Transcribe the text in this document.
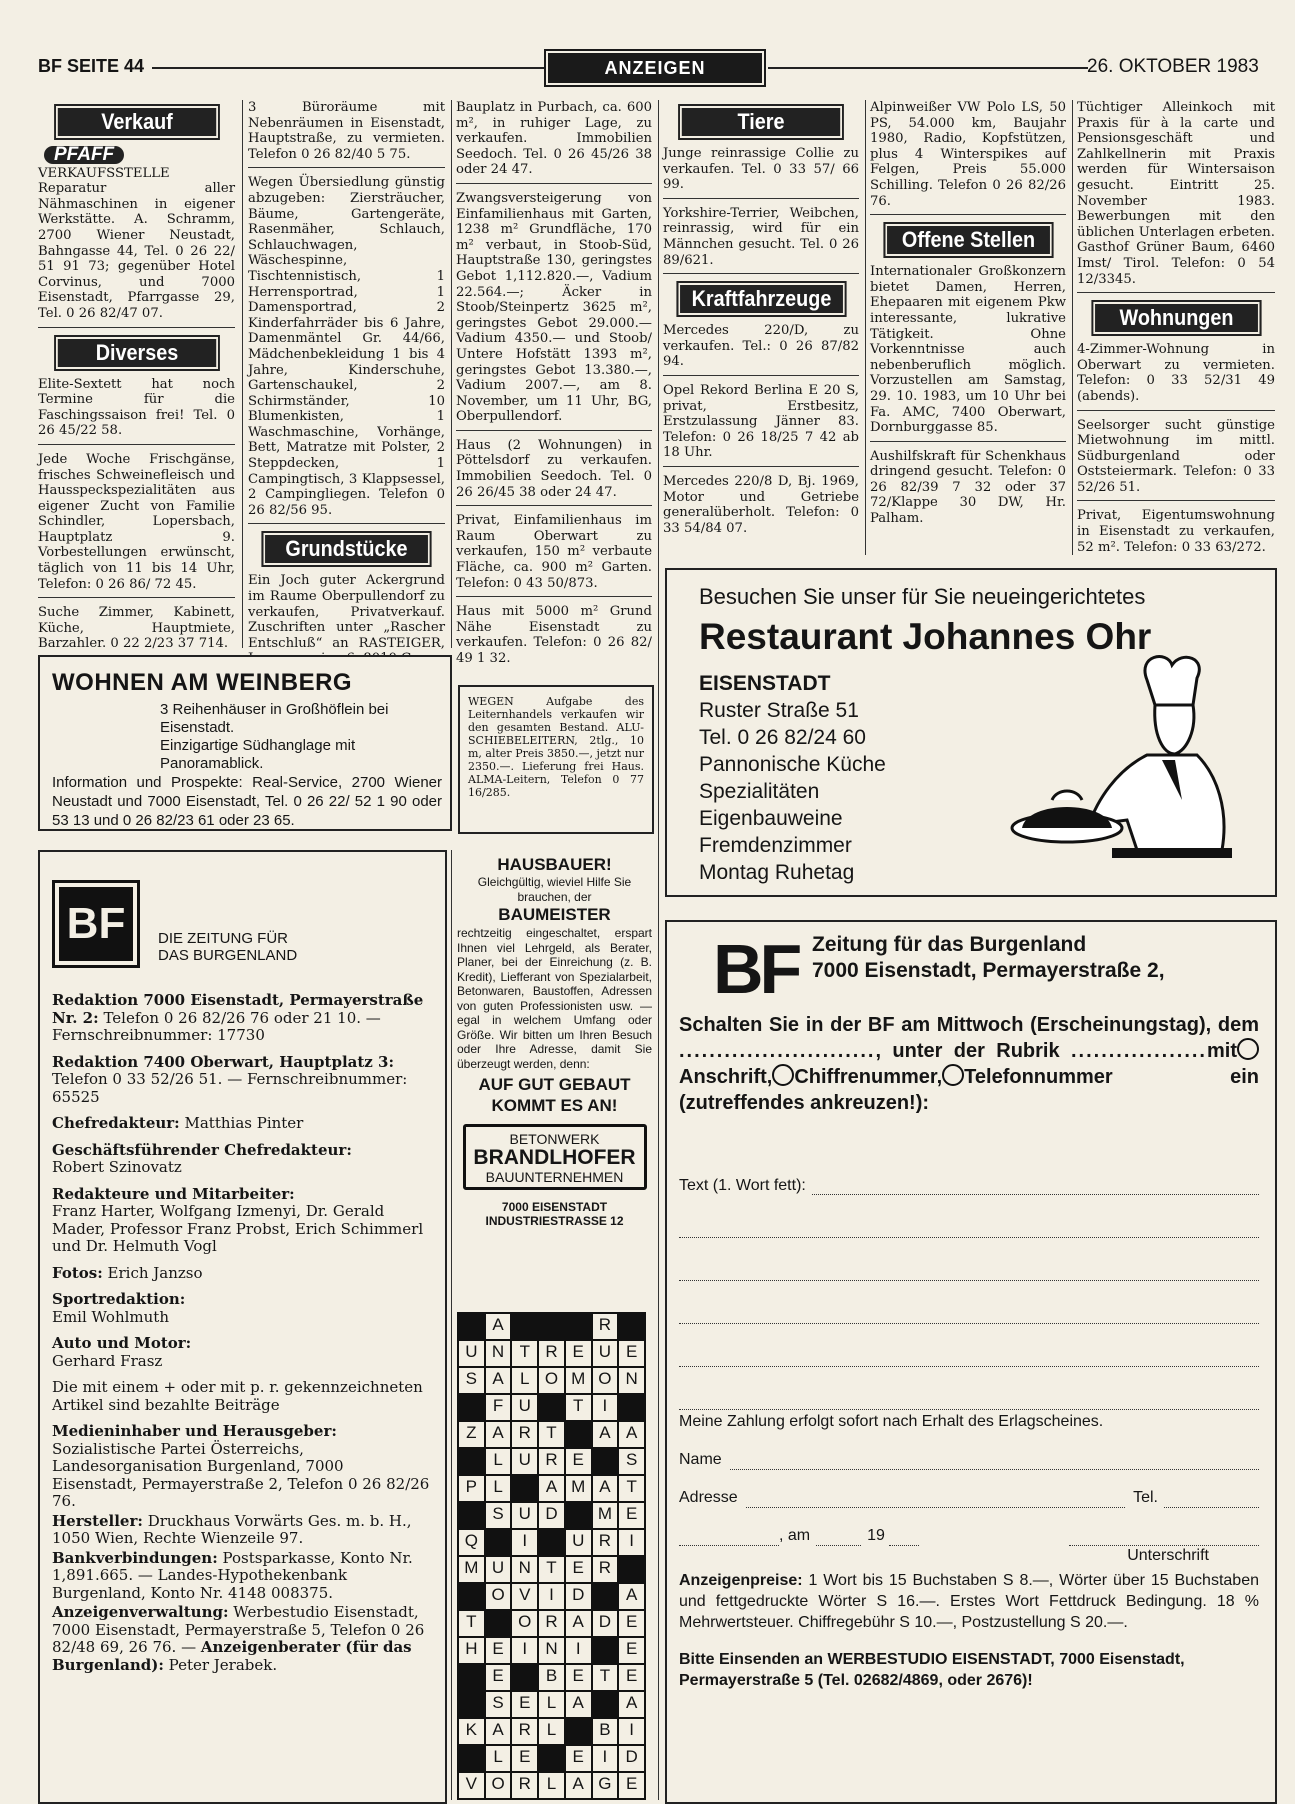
BF SEITE 44	ANZEIGEN	26. OKTOBER 1983
Verkauf
PFAFF

VERKAUFSSTELLE Reparatur aller Nähmaschinen in eigener Werkstätte. A. Schramm, 2700 Wiener Neustadt, Bahngasse 44, Tel. 0 26 22/ 51 91 73; gegenüber Hotel Corvinus, und 7000 Eisenstadt, Pfarrgasse 29, Tel. 0 26 82/47 07.

Diverses

Elite-Sextett hat noch Termine für die Faschingssaison frei! Tel. 0 26 45/22 58.

Jede Woche Frischgänse, frisches Schweinefleisch und Hausspeckspezialitäten aus eigener Zucht von Familie Schindler, Lopersbach, Hauptplatz 9. Vorbestellungen erwünscht, täglich von 11 bis 14 Uhr, Telefon: 0 26 86/ 72 45.

Suche Zimmer, Kabinett, Küche, Hauptmiete, Barzahler. 0 22 2/23 37 714.

3 Büroräume mit Nebenräumen in Eisenstadt, Hauptstraße, zu vermieten. Telefon 0 26 82/40 5 75.

Wegen Übersiedlung günstig abzugeben: Ziersträucher, Bäume, Gartengeräte, Rasenmäher, Schlauch, Schlauchwagen, Wäschespinne, Tischtennistisch, 1 Herrensportrad, 1 Damensportrad, 2 Kinderfahrräder bis 6 Jahre, Damenmäntel Gr. 44/66, Mädchenbekleidung 1 bis 4 Jahre, Kinderschuhe, Gartenschaukel, 2 Schirmständer, 10 Blumenkisten, 1 Waschmaschine, Vorhänge, Bett, Matratze mit Polster, 2 Steppdecken, 1 Campingtisch, 3 Klappsessel, 2 Campingliegen. Telefon 0 26 82/56 95.

Grundstücke

Ein Joch guter Ackergrund im Raume Oberpullendorf zu verkaufen, Privatverkauf. Zuschriften unter „Rascher Entschluß“ an RASTEIGER,

Bauplatz in Purbach, ca. 600 m², in ruhiger Lage, zu verkaufen. Immobilien Seedoch. Tel. 0 26 45/26 38 oder 24 47.

Zwangsversteigerung von Einfamilienhaus mit Garten, 1238 m² Grundfläche, 170 m² verbaut, in Stoob-Süd, Hauptstraße 130, geringstes Gebot 1,112.820.—, Vadium 22.564.—; Äcker in Stoob/Steinpertz 3625 m², geringstes Gebot 29.000.— Vadium 4350.— und Stoob/ Untere Hofstätt 1393 m², geringstes Gebot 13.380.—, Vadium 2007.—, am 8. November, um 11 Uhr, BG, Oberpullendorf.

Haus (2 Wohnungen) in Pöttelsdorf zu verkaufen. Immobilien Seedoch. Tel. 0 26 26/45 38 oder 24 47.

Privat, Einfamilienhaus im Raum Oberwart zu verkaufen, 150 m² verbaute Fläche, ca. 900 m² Garten. Telefon: 0 43 50/873.

Haus mit 5000 m² Grund Nähe Eisenstadt zu verkaufen. Telefon: 0 26 82/ 49 1 32.

Tiere

Junge reinrassige Collie zu verkaufen. Tel. 0 33 57/ 66 99.

Yorkshire-Terrier, Weibchen, reinrassig, wird für ein Männchen gesucht. Tel. 0 26 89/621.

Kraftfahrzeuge

Mercedes 220/D, zu verkaufen. Tel.: 0 26 87/82 94.

Opel Rekord Berlina E 20 S, privat, Erstbesitz, Erstzulassung Jänner 83. Telefon: 0 26 18/25 7 42 ab 18 Uhr.

Mercedes 220/8 D, Bj. 1969, Motor und Getriebe generalüberholt. Telefon: 0 33 54/84 07.

Alpinweißer VW Polo LS, 50 PS, 54.000 km, Baujahr 1980, Radio, Kopfstützen, plus 4 Winterspikes auf Felgen, Preis 55.000 Schilling. Telefon 0 26 82/26 76.

Offene Stellen

Internationaler Großkonzern bietet Damen, Herren, Ehepaaren mit eigenem Pkw interessante, lukrative Tätigkeit. Ohne Vorkenntnisse auch nebenberuflich möglich. Vorzustellen am Samstag, 29. 10. 1983, um 10 Uhr bei Fa. AMC, 7400 Oberwart, Dornburggasse 85.

Aushilfskraft für Schenkhaus dringend gesucht. Telefon: 0 26 82/39 7 32 oder 37 72/Klappe 30 DW, Hr. Palham.

Tüchtiger Alleinkoch mit Praxis für à la carte und Pensionsgeschäft und Zahlkellnerin mit Praxis werden für Wintersaison gesucht. Eintritt 25. November 1983. Bewerbungen mit den üblichen Unterlagen erbeten. Gasthof Grüner Baum, 6460 Imst/ Tirol. Telefon: 0 54 12/3345.

Wohnungen

4-Zimmer-Wohnung in Oberwart zu vermieten. Telefon: 0 33 52/31 49 (abends).

Seelsorger sucht günstige Mietwohnung im mittl. Südburgenland oder Oststeiermark. Telefon: 0 33 52/26 51.

Privat, Eigentumswohnung in Eisenstadt zu verkaufen, 52 m². Telefon: 0 33 63/272.

WOHNEN AM WEINBERG
3 Reihenhäuser in Großhöflein bei Eisenstadt.
Einzigartige Südhanglage mit Panoramablick.
Information und Prospekte: Real-Service, 2700 Wiener Neustadt und 7000 Eisenstadt, Tel. 0 26 22/ 52 1 90 oder 53 13 und 0 26 82/23 61 oder 23 65.
WEGEN Aufgabe des Leiternhandels verkaufen wir den gesamten Bestand. ALU-SCHIEBELEITERN, 2tlg., 10 m, alter Preis 3850.—, jetzt nur 2350.—. Lieferung frei Haus. ALMA-Leitern, Telefon 0 77 16/285.
Besuchen Sie unser für Sie neueingerichtetes
Restaurant Johannes Ohr
EISENSTADT
Ruster Straße 51
Tel. 0 26 82/24 60
Pannonische Küche
Spezialitäten
Eigenbauweine
Fremdenzimmer
Montag Ruhetag
BF	DIE ZEITUNG FÜR
DAS BURGENLAND
Redaktion 7000 Eisenstadt, Permayerstraße Nr. 2: Telefon 0 26 82/26 76 oder 21 10. — Fernschreibnummer: 17730
Redaktion 7400 Oberwart, Hauptplatz 3: Telefon 0 33 52/26 51. — Fernschreibnummer: 65525
Chefredakteur: Matthias Pinter
Geschäftsführender Chefredakteur:
Robert Szinovatz
Redakteure und Mitarbeiter:
Franz Harter, Wolfgang Izmenyi, Dr. Gerald Mader, Professor Franz Probst, Erich Schimmerl und Dr. Helmuth Vogl
Fotos: Erich Janzso
Sportredaktion:
Emil Wohlmuth
Auto und Motor:
Gerhard Frasz
Die mit einem + oder mit p. r. gekennzeichneten Artikel sind bezahlte Beiträge
Medieninhaber und Herausgeber: Sozialistische Partei Österreichs, Landesorganisation Burgenland, 7000 Eisenstadt, Permayerstraße 2, Telefon 0 26 82/26 76.
Hersteller: Druckhaus Vorwärts Ges. m. b. H., 1050 Wien, Rechte Wienzeile 97.
Bankverbindungen: Postsparkasse, Konto Nr. 1,891.665. — Landes-Hypothekenbank Burgenland, Konto Nr. 4148 008375.
Anzeigenverwaltung: Werbestudio Eisenstadt, 7000 Eisenstadt, Permayerstraße 5, Telefon 0 26 82/48 69, 26 76. — Anzeigenberater (für das Burgenland): Peter Jerabek.
HAUSBAUER!
Gleichgültig, wieviel Hilfe Sie brauchen, der
BAUMEISTER
rechtzeitig eingeschaltet, erspart Ihnen viel Lehrgeld, als Berater, Planer, bei der Einreichung (z. B. Kredit), Liefferant von Spezialarbeit, Betonwaren, Baustoffen, Adressen von guten Professionisten usw. — egal in welchem Umfang oder Größe. Wir bitten um Ihren Besuch oder Ihre Adresse, damit Sie überzeugt werden, denn:
AUF GUT GEBAUT KOMMT ES AN!
BETONWERK
BRANDLHOFER
BAUUNTERNEHMEN
7000 EISENSTADT INDUSTRIESTRASSE 12
A	R
U N T R E U E
S A L O M O N
F U	T	I
Z A R T	A A
L U R E	S
P L	A M A T
S U D	M E
Q	I	U R	I
M U N T E R
O V	I	D	A
T	O R A D E
H E	I	N	I	E
E	B E T E
S E L A	A
K A R L	B	I
L E	E	I	D
V O R L A G E
BF Zeitung für das Burgenland
7000 Eisenstadt, Permayerstraße 2,
Schalten Sie in der BF am Mittwoch (Erscheinungstag), dem .........................., unter der Rubrik ..................mitAnschrift, Chiffrenummer, Telefonnummer ein (zutreffendes ankreuzen!):
Text (1. Wort fett):
Meine Zahlung erfolgt sofort nach Erhalt des Erlagscheines.
Name
Adresse	Tel.
, am	19
Unterschrift
Anzeigenpreise: 1 Wort bis 15 Buchstaben S 8.—, Wörter über 15 Buchstaben und fettgedruckte Wörter S 16.—. Erstes Wort Fettdruck Bedingung. 18 % Mehrwertsteuer. Chiffregebühr S 10.—, Postzustellung S 20.—.
Bitte Einsenden an WERBESTUDIO EISENSTADT, 7000 Eisenstadt, Permayerstraße 5 (Tel. 02682/4869, oder 2676)!
